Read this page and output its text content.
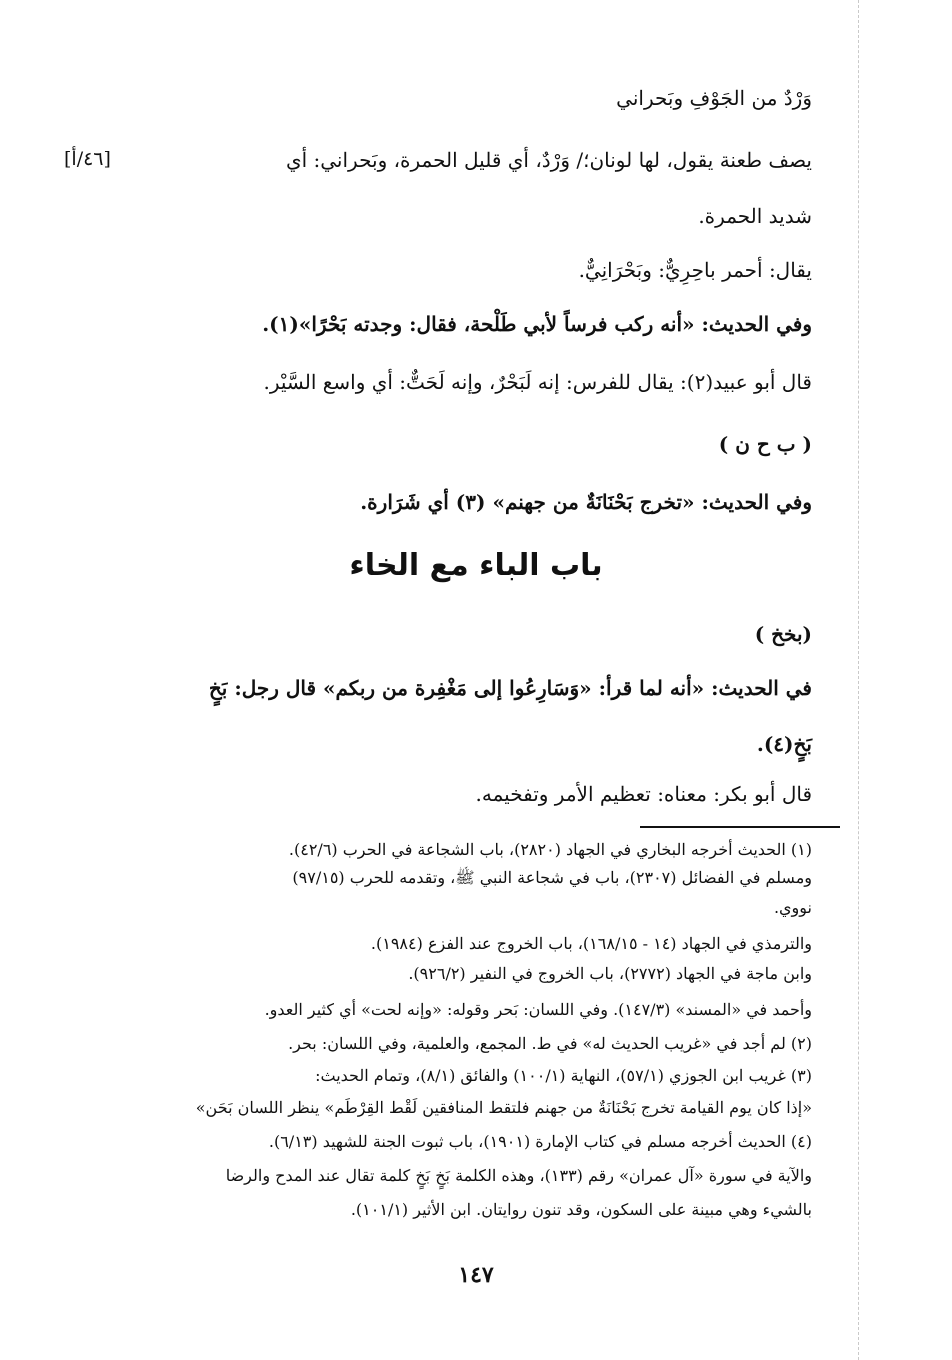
وَرْدٌ من الجَوْفِ وبَحراني
يصف طعنة يقول، لها لونان؛/ وَرْدٌ، أي قليل الحمرة، وبَحراني: أي
[٤٦/أ]
شديد الحمرة.
يقال: أحمر باحِرِيٌّ: وبَحْرَانِيٌّ.
وفي الحديث: «أنه ركب فرساً لأبي طَلْحة، فقال: وجدته بَحْرًا»(١).
قال أبو عبيد(٢): يقال للفرس: إنه لَبَحْرٌ، وإنه لَحَتٌّ: أي واسع السَّيْر.
( ب ح ن )
وفي الحديث: «تخرج بَحْنَانَةٌ من جهنم» (٣) أي شَرَارة.
باب الباء مع الخاء
(بخخ )
في الحديث: «أنه لما قرأ: «وَسَارِعُوا إلى مَغْفِرة من ربكم» قال رجل: بَخٍ
بَخٍ(٤).
قال أبو بكر: معناه: تعظيم الأمر وتفخيمه.
(١) الحديث أخرجه البخاري في الجهاد (٢٨٢٠)، باب الشجاعة في الحرب (٤٢/٦).
ومسلم في الفضائل (٢٣٠٧)، باب في شجاعة النبي ﷺ، وتقدمه للحرب (٩٧/١٥)
نووي.
والترمذي في الجهاد (١٤ - ١٦٨/١٥)، باب الخروج عند الفزع (١٩٨٤).
وابن ماجة في الجهاد (٢٧٧٢)، باب الخروج في النفير (٩٢٦/٢).
وأحمد في «المسند» (١٤٧/٣). وفي اللسان: بَحر وقوله: «وإنه لحت» أي كثير العدو.
(٢) لم أجد في «غريب الحديث له» في ط. المجمع، والعلمية، وفي اللسان: بحر.
(٣) غريب ابن الجوزي (٥٧/١)، النهاية (١٠٠/١) والفائق (٨/١)، وتمام الحديث:
«إذا كان يوم القيامة تخرج بَحْنَانَةٌ من جهنم فلتقط المنافقين لَقْط القِرْطَم» ينظر اللسان بَحَن»
(٤) الحديث أخرجه مسلم في كتاب الإمارة (١٩٠١)، باب ثبوت الجنة للشهيد (٦/١٣).
والآية في سورة «آل عمران» رقم (١٣٣)، وهذه الكلمة بَخٍ بَخٍ كلمة تقال عند المدح والرضا
بالشيء وهي مبينة على السكون، وقد تنون روايتان. ابن الأثير (١٠١/١).
١٤٧
